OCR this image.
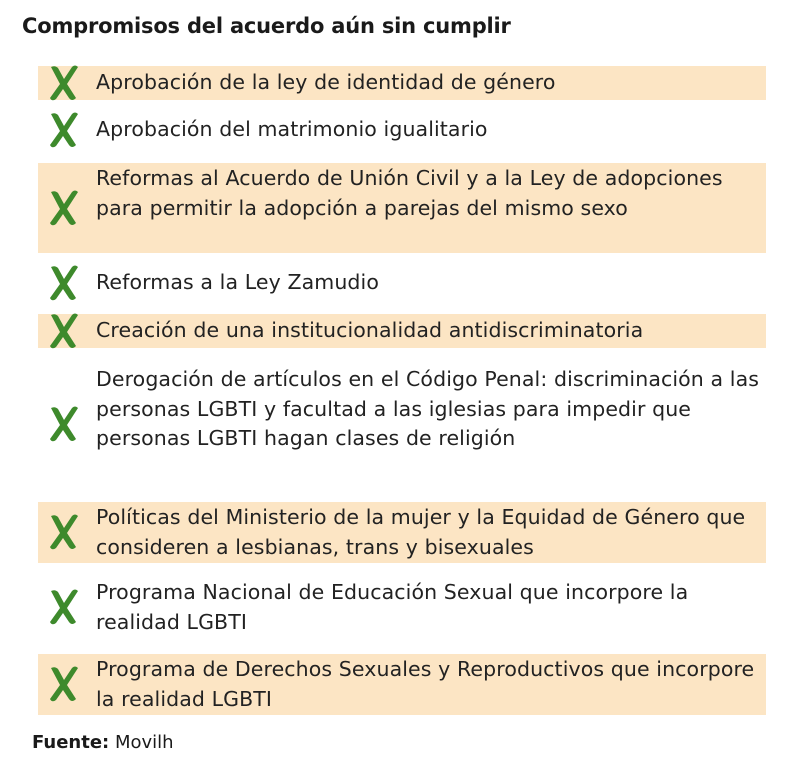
Compromisos del acuerdo aún sin cumplir
Aprobación de la ley de identidad de género
Aprobación del matrimonio igualitario
Reformas al Acuerdo de Unión Civil y a la Ley de adopciones para permitir la adopción a parejas del mismo sexo
Reformas a la Ley Zamudio
Creación de una institucionalidad antidiscriminatoria
Derogación de artículos en el Código Penal: discriminación a las personas LGBTI y facultad a las iglesias para impedir que personas LGBTI hagan clases de religión
Políticas del Ministerio de la mujer y la Equidad de Género que consideren a lesbianas, trans y bisexuales
Programa Nacional de Educación Sexual que incorpore la realidad LGBTI
Programa de Derechos Sexuales y Reproductivos que incorpore la realidad LGBTI
Fuente: Movilh
